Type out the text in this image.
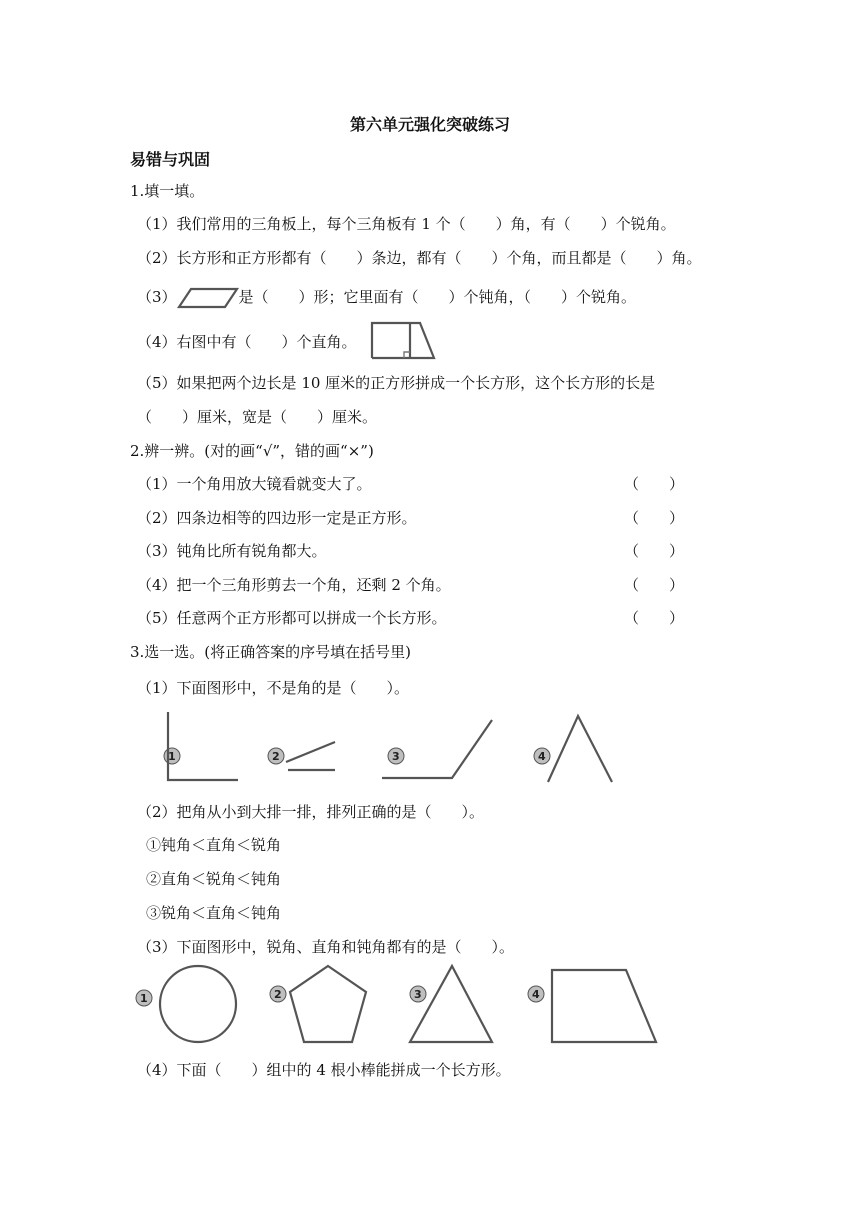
第六单元强化突破练习
易错与巩固
1.填一填。
（1）我们常用的三角板上，每个三角板有 1 个（　　）角，有（　　）个锐角。
（2）长方形和正方形都有（　　）条边，都有（　　）个角，而且都是（　　）角。
（3）	是（　　）形；它里面有（　　）个钝角，（　　）个锐角。
（4）右图中有（　　）个直角。
（5）如果把两个边长是 10 厘米的正方形拼成一个长方形，这个长方形的长是
（　　）厘米，宽是（　　）厘米。
2.辨一辨。(对的画“√”，错的画“×”)
（1）一个角用放大镜看就变大了。	（　　）
（2）四条边相等的四边形一定是正方形。	（　　）
（3）钝角比所有锐角都大。	（　　）
（4）把一个三角形剪去一个角，还剩 2 个角。	（　　）
（5）任意两个正方形都可以拼成一个长方形。	（　　）
3.选一选。(将正确答案的序号填在括号里)
（1）下面图形中，不是角的是（　　）。
1	2	3	4
（2）把角从小到大排一排，排列正确的是（　　）。
①钝角＜直角＜锐角
②直角＜锐角＜钝角
③锐角＜直角＜钝角
（3）下面图形中，锐角、直角和钝角都有的是（　　）。
1	2	3	4
（4）下面（　　）组中的 4 根小棒能拼成一个长方形。
